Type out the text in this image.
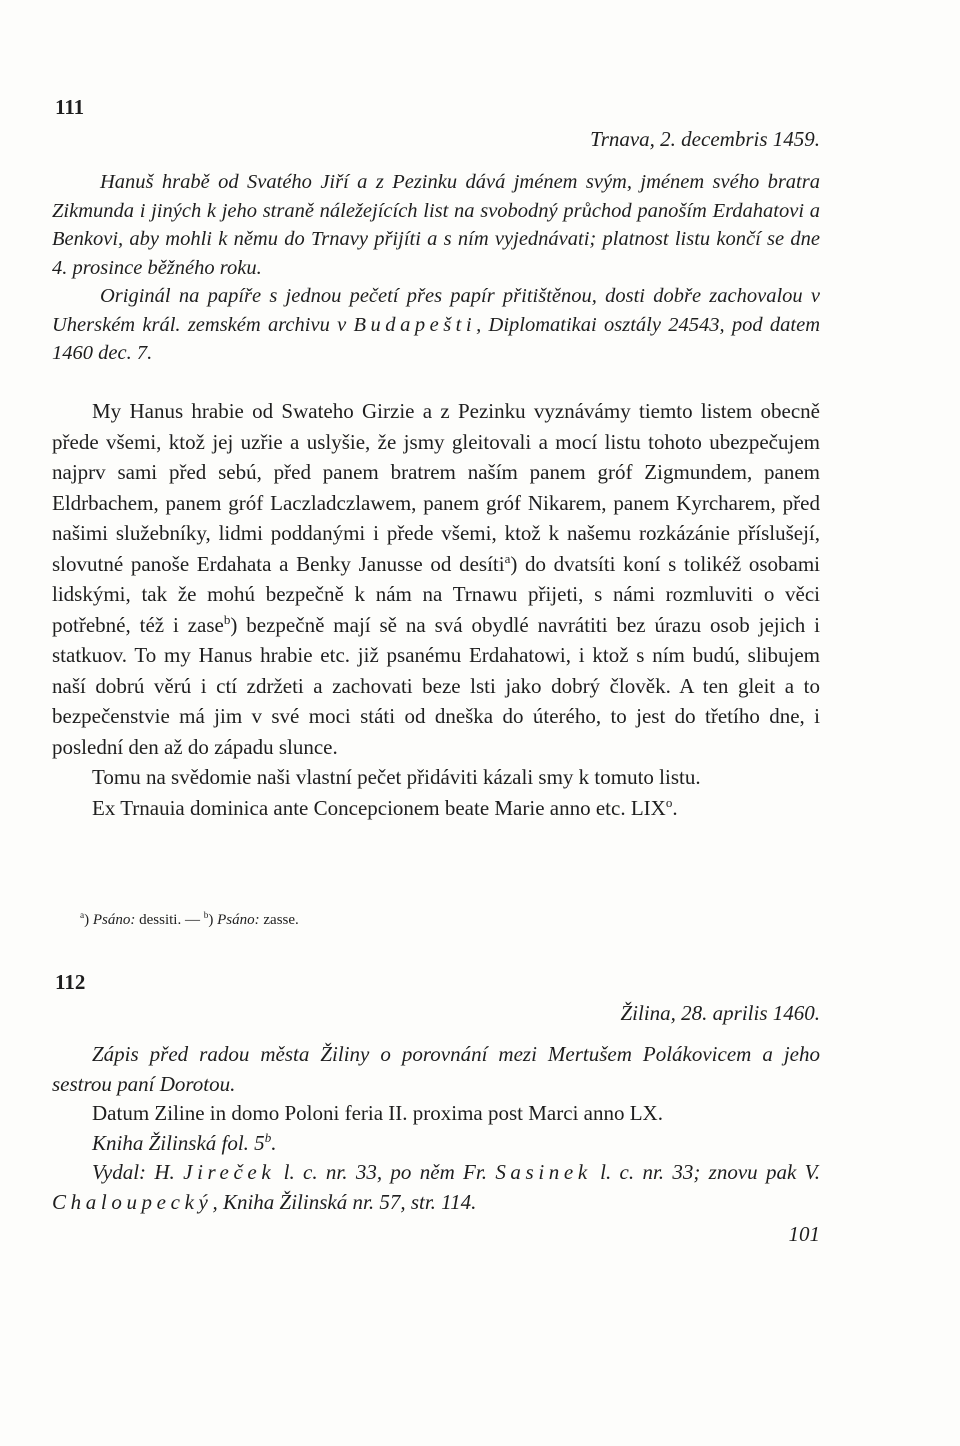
111
Trnava, 2. decembris 1459.

Hanuš hrabě od Svatého Jiří a z Pezinku dává jménem svým, jménem svého bratra Zikmunda i jiných k jeho straně náležejících list na svobodný průchod panoším Erdahatovi a Benkovi, aby mohli k němu do Trnavy přijíti a s ním vyjednávati; platnost listu končí se dne 4. prosince běžného roku.

Originál na papíře s jednou pečetí přes papír přitištěnou, dosti dobře zachovalou v Uherském král. zemském archivu v Budapešti, Diplomatikai osztály 24543, pod datem 1460 dec. 7.

My Hanus hrabie od Swateho Girzie a z Pezinku vyznávámy tiemto listem obecně přede všemi, ktož jej uzřie a uslyšie, že jsmy gleitovali a mocí listu tohoto ubezpečujem najprv sami před sebú, před panem bratrem naším panem gróf Zigmundem, panem Eldrbachem, panem gróf Laczladczlawem, panem gróf Nikarem, panem Kyrcharem, před našimi služebníky, lidmi poddanými i přede všemi, ktož k našemu rozkázánie příslušejí, slovutné panoše Erdahata a Benky Janusse od desíti$^a$) do dvatsíti koní s tolikéž osobami lidskými, tak že mohú bezpečně k nám na Trnawu přijeti, s námi rozmluviti o věci potřebné, též i zase$^b$) bezpečně mají sě na svá obydlé navrátiti bez úrazu osob jejich i statkuov. To my Hanus hrabie etc. již psanému Erdahatowi, i ktož s ním budú, slibujem naší dobrú věrú i ctí zdržeti a zachovati beze lsti jako dobrý člověk. A ten gleit a to bezpečenstvie má jim v své moci státi od dneška do úterého, to jest do třetího dne, i poslední den až do západu slunce.

Tomu na svědomie naši vlastní pečet přidáviti kázali smy k tomuto listu.

Ex Trnauia dominica ante Concepcionem beate Marie anno etc. LIX$^o$.

$^a$) Psáno: dessiti. — $^b$) Psáno: zasse.
112
Žilina, 28. aprilis 1460.

Zápis před radou města Žiliny o porovnání mezi Mertušem Polákovicem a jeho sestrou paní Dorotou.

Datum Ziline in domo Poloni feria II. proxima post Marci anno LX.

Kniha Žilinská fol. 5$^b$.

Vydal: H. Jireček l. c. nr. 33, po něm Fr. Sasinek l. c. nr. 33; znovu pak V. Chaloupecký, Kniha Žilinská nr. 57, str. 114.

101
